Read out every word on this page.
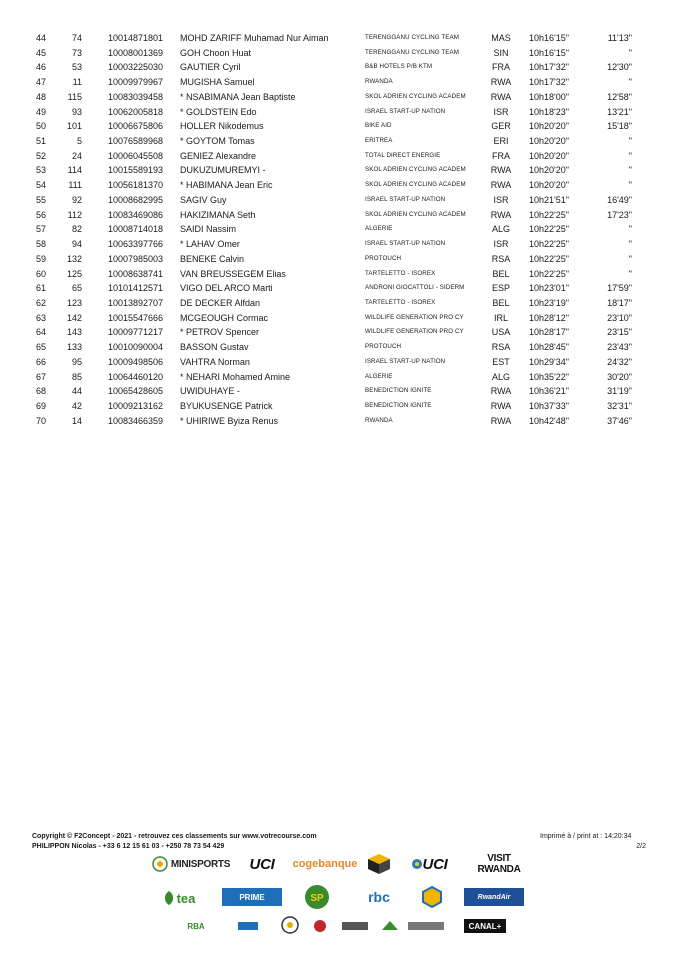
44	74	10014871801 MOHD ZARIFF Muhamad Nur Aiman	TERENGGANU CYCLING TEAM	MAS	10h16'15"	11'13"
45	73	10008001369 GOH Choon Huat	TERENGGANU CYCLING TEAM	SIN	10h16'15"	"
46	53	10003225030 GAUTIER Cyril	B&B HOTELS P/B KTM	FRA	10h17'32"	12'30"
47	11	10009979967 MUGISHA Samuel	RWANDA	RWA	10h17'32"	"
48	115	10083039458 * NSABIMANA Jean Baptiste	SKOL ADRIEN CYCLING ACADEM	RWA	10h18'00"	12'58"
49	93	10062005818 * GOLDSTEIN Edo	ISRAEL START-UP NATION	ISR	10h18'23"	13'21"
50	101	10006675806 HOLLER Nikodemus	BIKE AID	GER	10h20'20"	15'18"
51	5	10076589968 * GOYTOM Tomas	ERITREA	ERI	10h20'20"	"
52	24	10006045508 GENIEZ Alexandre	TOTAL DIRECT ENERGIE	FRA	10h20'20"	"
53	114	10015589193 DUKUZUMUREMYI -	SKOL ADRIEN CYCLING ACADEM	RWA	10h20'20"	"
54	111	10056181370 * HABIMANA Jean Eric	SKOL ADRIEN CYCLING ACADEM	RWA	10h20'20"	"
55	92	10008682995 SAGIV Guy	ISRAEL START-UP NATION	ISR	10h21'51"	16'49"
56	112	10083469086 HAKIZIMANA Seth	SKOL ADRIEN CYCLING ACADEM	RWA	10h22'25"	17'23"
57	82	10008714018 SAIDI Nassim	ALGERIE	ALG	10h22'25"	"
58	94	10063397766 * LAHAV Omer	ISRAEL START-UP NATION	ISR	10h22'25"	"
59	132	10007985003 BENEKE Calvin	PROTOUCH	RSA	10h22'25"	"
60	125	10008638741 VAN BREUSSEGEM Elias	TARTELETTO - ISOREX	BEL	10h22'25"	"
61	65	10101412571 VIGO DEL ARCO Marti	ANDRONI GIOCATTOLI - SIDERM	ESP	10h23'01"	17'59"
62	123	10013892707 DE DECKER Alfdan	TARTELETTO - ISOREX	BEL	10h23'19"	18'17"
63	142	10015547666 MCGEOUGH Cormac	WILDLIFE GENERATION PRO CY	IRL	10h28'12"	23'10"
64	143	10009771217 * PETROV Spencer	WILDLIFE GENERATION PRO CY	USA	10h28'17"	23'15"
65	133	10010090004 BASSON Gustav	PROTOUCH	RSA	10h28'45"	23'43"
66	95	10009498506 VAHTRA Norman	ISRAEL START-UP NATION	EST	10h29'34"	24'32"
67	85	10064460120 * NEHARI Mohamed Amine	ALGERIE	ALG	10h35'22"	30'20"
68	44	10065428605 UWIDUHAYE -	BENEDICTION IGNITE	RWA	10h36'21"	31'19"
69	42	10009213162 BYUKUSENGE Patrick	BENEDICTION IGNITE	RWA	10h37'33"	32'31"
70	14	10083466359 * UHIRIWE Byiza Renus	RWANDA	RWA	10h42'48"	37'46"
Copyright © F2Concept - 2021 - retrouvez ces classements sur www.votrecourse.com
PHILIPPON Nicolas - +33 6 12 15 61 03 - +250 78 73 54 429
Imprimé à / print at : 14:20:34
2/2
MINISPORTS UCI cogebanque	UCI	VISIT
RWANDA
tea	PRIME	SP	rbc	RwandAir
RBA	CANAL+
